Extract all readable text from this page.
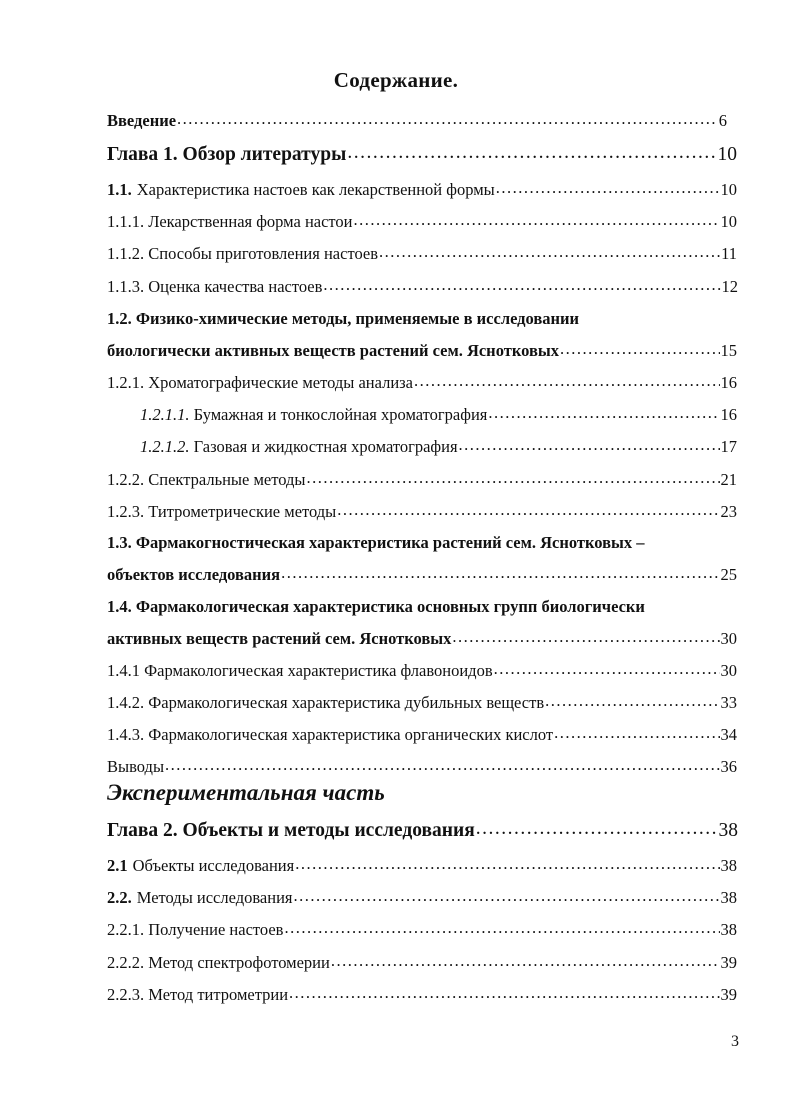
Содержание.
Введение .....	6
Глава 1. Обзор литературы .....	10
1.1. Характеристика настоев как лекарственной формы .....	10
1.1.1. Лекарственная форма настои .....	10
1.1.2. Способы приготовления настоев .....	11
1.1.3. Оценка качества настоев .....	12
1.2. Физико-химические методы, применяемые в исследовании
биологически активных веществ растений сем. Яснотковых .....	15
1.2.1. Хроматографические методы анализа .....	16
1.2.1.1. Бумажная и тонкослойная хроматография .....	16
1.2.1.2. Газовая и жидкостная хроматография .....	17
1.2.2. Спектральные методы .....	21
1.2.3. Титрометрические методы .....	23
1.3. Фармакогностическая характеристика растений сем. Яснотковых –
объектов исследования .....	25
1.4. Фармакологическая характеристика основных групп биологически
активных веществ растений сем. Яснотковых .....	30
1.4.1 Фармакологическая характеристика флавоноидов .....	30
1.4.2. Фармакологическая характеристика дубильных веществ .....	33
1.4.3. Фармакологическая характеристика органических кислот .....	34
Выводы .....	36
Экспериментальная часть
Глава 2. Объекты и методы исследования .....	38
2.1 Объекты исследования .....	38
2.2. Методы исследования .....	38
2.2.1. Получение настоев .....	38
2.2.2. Метод спектрофотомерии .....	39
2.2.3. Метод титрометрии .....	39
3
